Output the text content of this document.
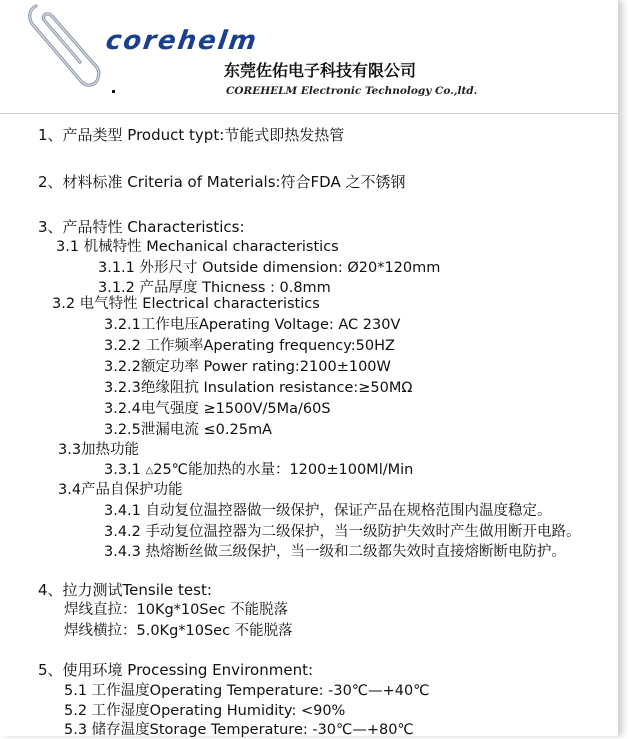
corehelm
东莞佐佑电子科技有限公司
COREHELM Electronic Technology Co.,ltd.
1、产品类型 Product typt:节能式即热发热管
2、材料标准 Criteria of Materials:符合FDA 之不锈钢
3、产品特性 Characteristics:
3.1 机械特性 Mechanical characteristics
3.1.1 外形尺寸 Outside dimension: Ø20*120mm
3.1.2 产品厚度 Thicness : 0.8mm
3.2 电气特性 Electrical characteristics
3.2.1工作电压Aperating Voltage: AC 230V
3.2.2 工作频率Aperating frequency:50HZ
3.2.2额定功率 Power rating:2100±100W
3.2.3绝缘阻抗 Insulation resistance:≥50MΩ
3.2.4电气强度 ≥1500V/5Ma/60S
3.2.5泄漏电流 ≤0.25mA
3.3加热功能
3.3.1 △25℃能加热的水量：1200±100Ml/Min
3.4产品自保护功能
3.4.1 自动复位温控器做一级保护，保证产品在规格范围内温度稳定。
3.4.2 手动复位温控器为二级保护，当一级防护失效时产生做用断开电路。
3.4.3 热熔断丝做三级保护，当一级和二级都失效时直接熔断断电防护。
4、拉力测试Tensile test:
焊线直拉：10Kg*10Sec 不能脱落
焊线横拉：5.0Kg*10Sec 不能脱落
5、使用环境 Processing Environment:
5.1 工作温度Operating Temperature: -30℃—+40℃
5.2 工作湿度Operating Humidity: <90%
5.3 储存温度Storage Temperature: -30℃—+80℃
